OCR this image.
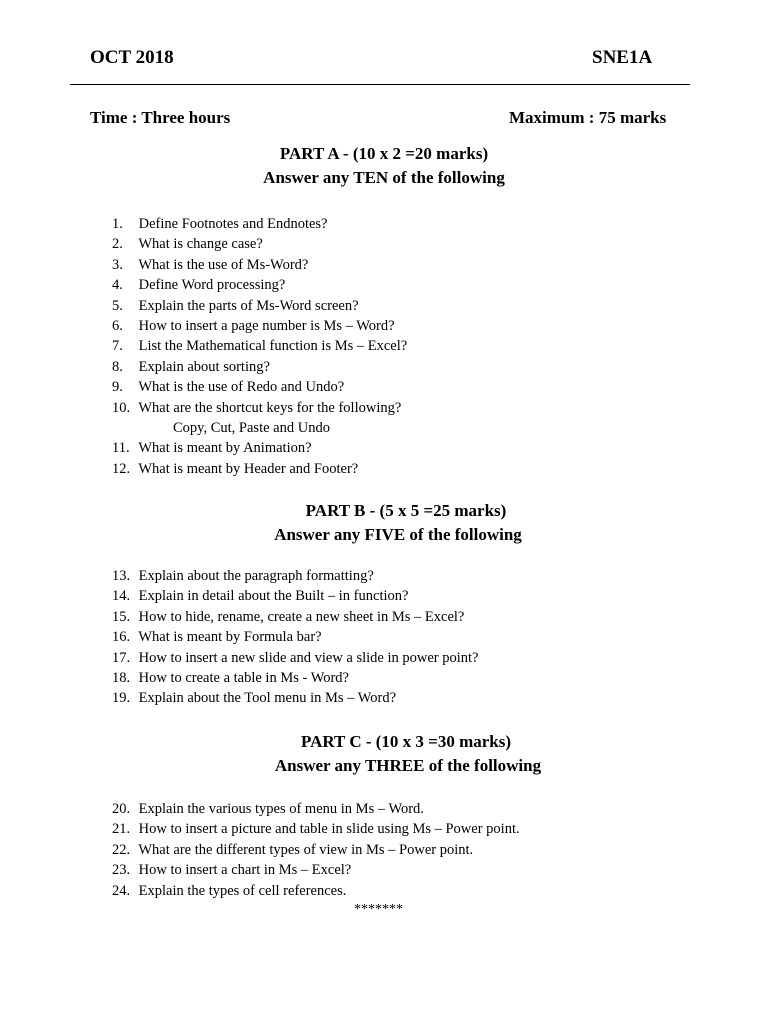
OCT 2018	SNE1A
Time : Three hours	Maximum : 75 marks
PART A - (10 x 2 =20 marks)
Answer any TEN of the following
1. Define Footnotes and Endnotes?
2. What is change case?
3. What is the use of Ms-Word?
4. Define Word processing?
5. Explain the parts of Ms-Word screen?
6. How to insert a page number is Ms – Word?
7. List the Mathematical function is Ms – Excel?
8. Explain about sorting?
9. What is the use of Redo and Undo?
10. What are the shortcut keys for the following?
Copy, Cut, Paste and Undo
11. What is meant by Animation?
12. What is meant by Header and Footer?
PART B - (5 x 5 =25 marks)
Answer any FIVE of the following
13. Explain about the paragraph formatting?
14. Explain in detail about the Built – in function?
15. How to hide, rename, create a new sheet in Ms – Excel?
16. What is meant by Formula bar?
17. How to insert a new slide and view a slide in power point?
18. How to create a table in Ms - Word?
19. Explain about the Tool menu in Ms – Word?
PART C - (10 x 3 =30 marks)
Answer any THREE of the following
20. Explain the various types of menu in Ms – Word.
21. How to insert a picture and table in slide using Ms – Power point.
22. What are the different types of view in Ms – Power point.
23. How to insert a chart in Ms – Excel?
24. Explain the types of cell references.
*******
